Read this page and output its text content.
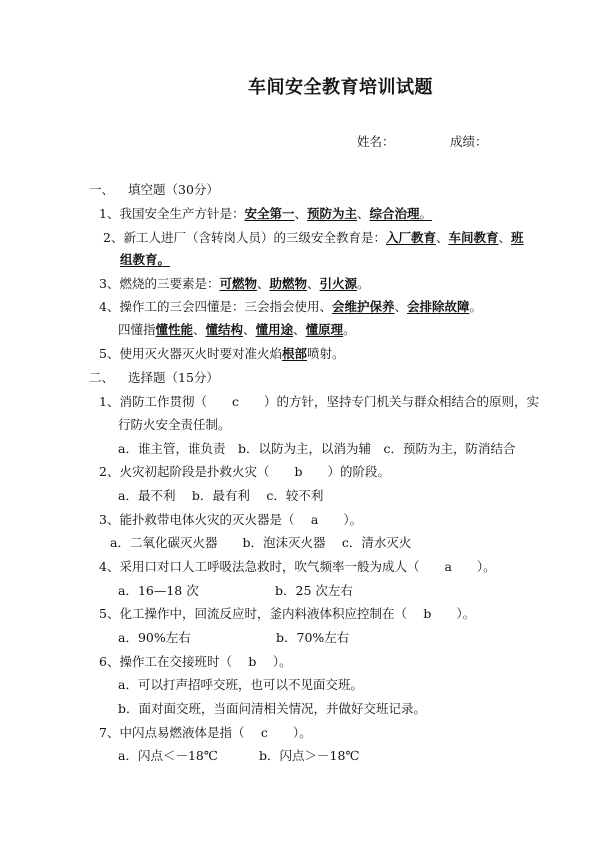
车间安全教育培训试题
姓名：	成绩：
一、 填空题（30分）
1、我国安全生产方针是：安全第一、预防为主、综合治理。
2、新工人进厂（含转岗人员）的三级安全教育是：入厂教育、车间教育、班
组教育。
3、燃烧的三要素是：可燃物、助燃物、引火源。
4、操作工的三会四懂是：三会指会使用、会维护保养、会排除故障。
四懂指懂性能、懂结构、懂用途、懂原理。
5、使用灭火器灭火时要对准火焰根部喷射。
二、 选择题（15分）
1、消防工作贯彻（　　c　　）的方针，坚持专门机关与群众相结合的原则，实
行防火安全责任制。
a．谁主管，谁负责　b．以防为主，以消为辅　c．预防为主，防消结合
2、火灾初起阶段是扑救火灾（　　b　　）的阶段。
a．最不利　 b．最有利　 c．较不利
3、能扑救带电体火灾的灭火器是（　 a　　）。
a．二氧化碳灭火器　　b．泡沫灭火器　 c．清水灭火
4、采用口对口人工呼吸法急救时，吹气频率一般为成人（　　a　　）。
a．16—18 次	b．25 次左右
5、化工操作中，回流反应时，釜内料液体积应控制在（　 b　　）。
a．90%左右	b．70%左右
6、操作工在交接班时（　 b　 ）。
a．可以打声招呼交班，也可以不见面交班。
b．面对面交班，当面问清相关情况，并做好交班记录。
7、中闪点易燃液体是指（　 c　　）。
a．闪点＜－18℃	b．闪点＞－18℃
